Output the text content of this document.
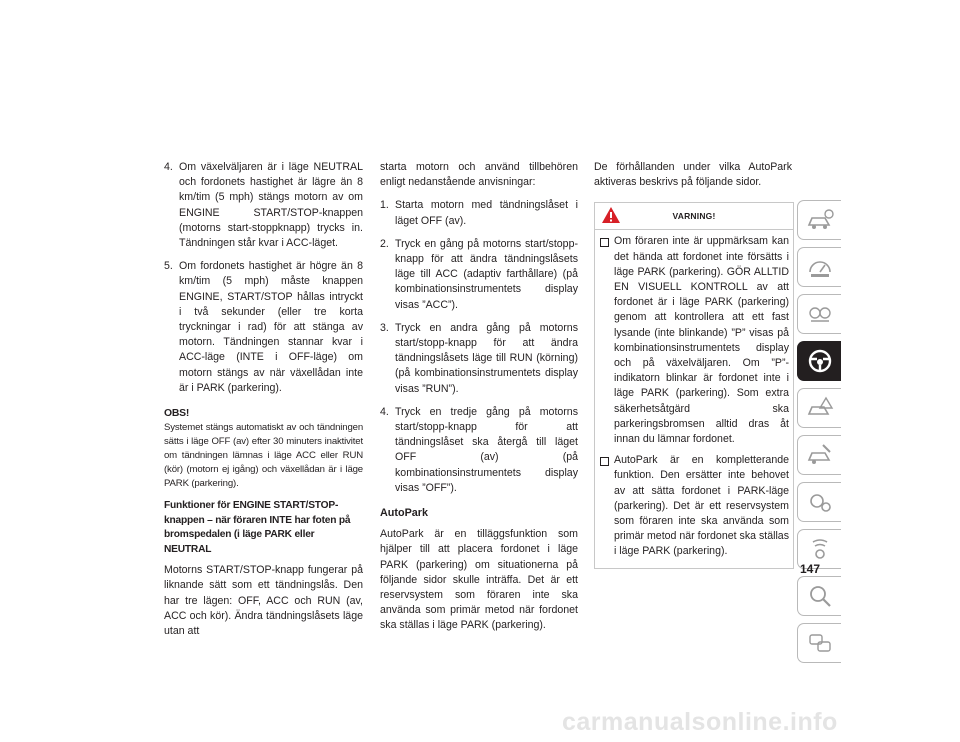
4. Om växelväljaren är i läge NEUTRAL och fordonets hastighet är lägre än 8 km/tim (5 mph) stängs motorn av om ENGINE START/STOP-knappen (motorns start-stoppknapp) trycks in. Tändningen står kvar i ACC-läget.
5. Om fordonets hastighet är högre än 8 km/tim (5 mph) måste knappen ENGINE, START/STOP hållas intryckt i två sekunder (eller tre korta tryckningar i rad) för att stänga av motorn. Tändningen stannar kvar i ACC-läge (INTE i OFF-läge) om motorn stängs av när växellådan inte är i PARK (parkering).
OBS!

Systemet stängs automatiskt av och tändningen sätts i läge OFF (av) efter 30 minuters inaktivitet om tändningen lämnas i läge ACC eller RUN (kör) (motorn ej igång) och växellådan är i läge PARK (parkering).

Funktioner för ENGINE START/STOP-knappen – när föraren INTE har foten på bromspedalen (i läge PARK eller NEUTRAL

Motorns START/STOP-knapp fungerar på liknande sätt som ett tändningslås. Den har tre lägen: OFF, ACC och RUN (av, ACC och kör). Ändra tändningslåsets läge utan att

starta motorn och använd tillbehören enligt nedanstående anvisningar:

1. Starta motorn med tändningslåset i läget OFF (av).
2. Tryck en gång på motorns start/stopp-knapp för att ändra tändningslåsets läge till ACC (adaptiv farthållare) (på kombinationsinstrumentets display visas ”ACC”).
3. Tryck en andra gång på motorns start/stopp-knapp för att ändra tändningslåsets läge till RUN (körning) (på kombinationsinstrumentets display visas ”RUN”).
4. Tryck en tredje gång på motorns start/stopp-knapp för att tändningslåset ska återgå till läget OFF (av) (på kombinationsinstrumentets display visas ”OFF”).
AutoPark

AutoPark är en tilläggsfunktion som hjälper till att placera fordonet i läge PARK (parkering) om situationerna på följande sidor skulle inträffa. Det är ett reservsystem som föraren inte ska använda som primär metod när fordonet ska ställas i läge PARK (parkering).

De förhållanden under vilka AutoPark aktiveras beskrivs på följande sidor.

VARNING!
Om föraren inte är uppmärksam kan det hända att fordonet inte försätts i läge PARK (parkering). GÖR ALLTID EN VISUELL KONTROLL av att fordonet är i läge PARK (parkering) genom att kontrollera att ett fast lysande (inte blinkande) ”P” visas på kombinationsinstrumentets display och på växelväljaren. Om ”P”-indikatorn blinkar är fordonet inte i läge PARK (parkering). Som extra säkerhetsåtgärd ska parkeringsbromsen alltid dras åt innan du lämnar fordonet.
AutoPark är en kompletterande funktion. Den ersätter inte behovet av att sätta fordonet i PARK-läge (parkering). Det är ett reservsystem som föraren inte ska använda som primär metod när fordonet ska ställas i läge PARK (parkering).
147
carmanualsonline.info
